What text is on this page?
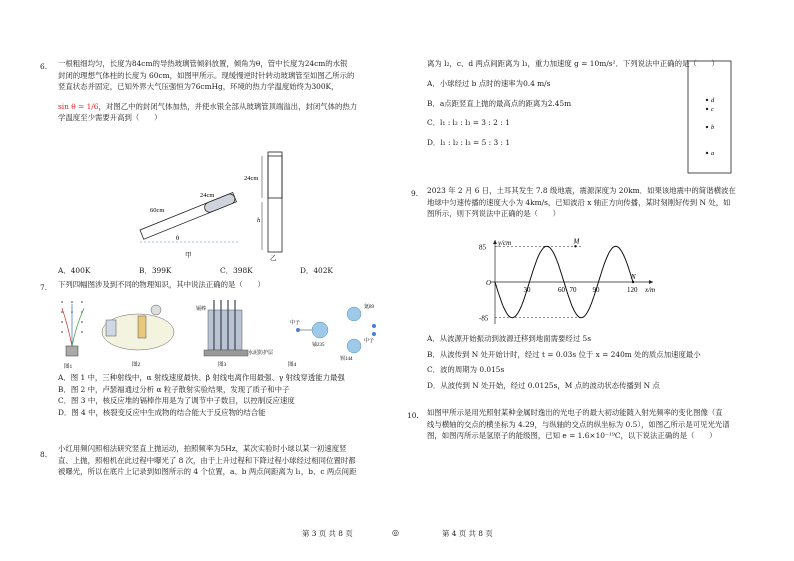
6. 一根粗细均匀，长度为84cm的导热玻璃管倾斜放置，倾角为θ，管中长度为24cm的水银
封闭的理想气体柱的长度为 60cm，如图甲所示。现缓慢逆时针转动玻璃管至如图乙所示的
竖直状态并固定，已知外界大气压强恒为76cmHg，环境的热力学温度始终为300K，
sin θ = 1/6，对图乙中的封闭气体加热，并使水银全部从玻璃管顶端溢出，封闭气体的热力
学温度至少需要升高到（　　）
60cm
24cm
θ
甲
24cm
h
乙
A．400K	B．399K	C．398K	D．402K
7. 下列四幅图涉及到不同的物理知识，其中说法正确的是（　　）
图1	图2
镉棒
水泥防护层
图3
中子
铀235
氪89
钡144
中子
图4
A．图 1 中，三种射线中，α 射线速度最快、β 射线电离作用最强、γ 射线穿透能力最强
B．图 2 中，卢瑟福通过分析 α 粒子散射实验结果，发现了质子和中子
C．图 3 中，核反应堆的镉棒作用是为了调节中子数目，以控制反应速度
D．图 4 中，核裂变反应中生成物的结合能大于反应物的结合能
8.
小红用频闪照相法研究竖直上抛运动，拍照频率为5Hz，某次实验时小球以某一初速度竖
直、上抛，照相机在此过程中曝光了 8 次，由于上升过程和下降过程小球经过相同位置时都
被曝光，所以在底片上记录到如图所示的 4 个位置，a、b 两点间距离为 l₁，b、c 两点间距
第 3 页 共 8 页	◎
离为 l₂，c、d 两点间距离为 l₃，重力加速度 g = 10m/s²．下列说法中正确的是（　　）
A．小球经过 b 点时的速率为0.4 m/s
B．a点距竖直上抛的最高点的距离为2.45m
C．l₁ : l₂ : l₃ = 3 : 2 : 1
D．l₁ : l₂ : l₃ = 5 : 3 : 1
d
c
b
a
9. 2023 年 2 月 6 日，土耳其发生 7.8 级地震，震源深度为 20km．如果该地震中的简谐横波在
地球中匀速传播的速度大小为 4km/s，已知波沿 x 轴正方向传播，某时刻刚好传到 N 处，如
图所示，则下列说法中正确的是（　　）
y/cm
x/m
O
85
-85
30	60 70 90	120
M
N
A．从波源开始振动到波源迁移到地面需要经过 5s
B．从波传到 N 处开始计时，经过 t = 0.03s 位于 x = 240m 处的质点加速度最小
C．波的周期为 0.015s
D．从波传到 N 处开始，经过 0.0125s，M 点的波动状态传播到 N 点
10. 如图甲所示是用光照射某种金属时逸出的光电子的最大初动能随入射光频率的变化图像（直
线与横轴的交点的横坐标为 4.29，与纵轴的交点的纵坐标为 0.5），如图乙所示是可见光光谱
图，如图丙所示是氢原子的能级图，已知 e = 1.6×10⁻¹⁹C，以下说法正确的是（　　）
第 4 页 共 8 页
